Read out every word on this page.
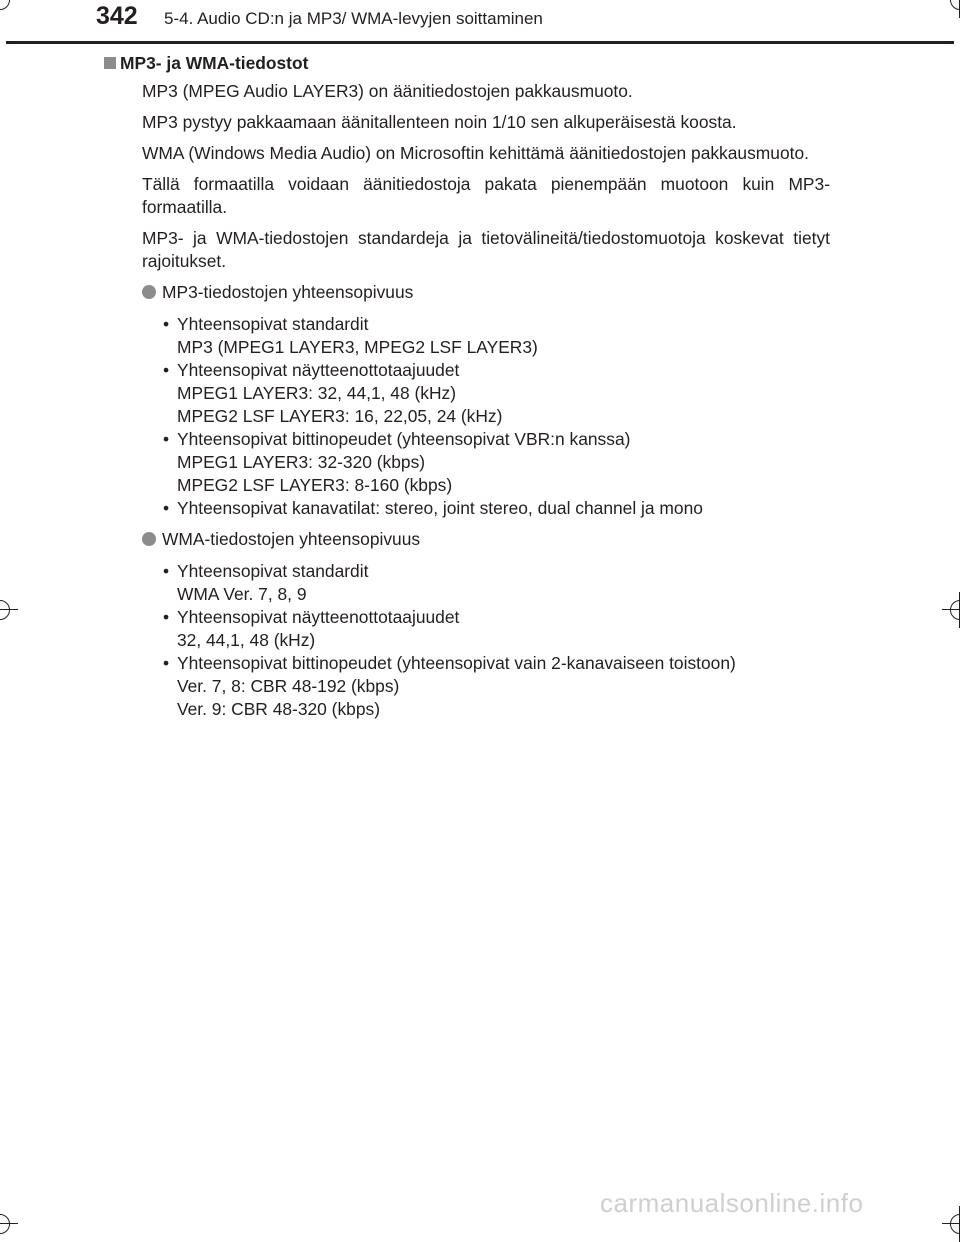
342 5-4. Audio CD:n ja MP3/ WMA-levyjen soittaminen
MP3- ja WMA-tiedostot

MP3 (MPEG Audio LAYER3) on äänitiedostojen pakkausmuoto.

MP3 pystyy pakkaamaan äänitallenteen noin 1/10 sen alkuperäisestä koosta.

WMA (Windows Media Audio) on Microsoftin kehittämä äänitiedostojen pakkausmuoto.

Tällä formaatilla voidaan äänitiedostoja pakata pienempään muotoon kuin MP3-formaatilla.

MP3- ja WMA-tiedostojen standardeja ja tietovälineitä/tiedostomuotoja koskevat tietyt rajoitukset.

MP3-tiedostojen yhteensopivuus
• Yhteensopivat standardit
MP3 (MPEG1 LAYER3, MPEG2 LSF LAYER3)
• Yhteensopivat näytteenottotaajuudet
MPEG1 LAYER3: 32, 44,1, 48 (kHz)
MPEG2 LSF LAYER3: 16, 22,05, 24 (kHz)
• Yhteensopivat bittinopeudet (yhteensopivat VBR:n kanssa)
MPEG1 LAYER3: 32-320 (kbps)
MPEG2 LSF LAYER3: 8-160 (kbps)
• Yhteensopivat kanavatilat: stereo, joint stereo, dual channel ja mono
WMA-tiedostojen yhteensopivuus
• Yhteensopivat standardit
WMA Ver. 7, 8, 9
• Yhteensopivat näytteenottotaajuudet
32, 44,1, 48 (kHz)
• Yhteensopivat bittinopeudet (yhteensopivat vain 2-kanavaiseen toistoon)
Ver. 7, 8: CBR 48-192 (kbps)
Ver. 9: CBR 48-320 (kbps)
carmanualsonline.info
